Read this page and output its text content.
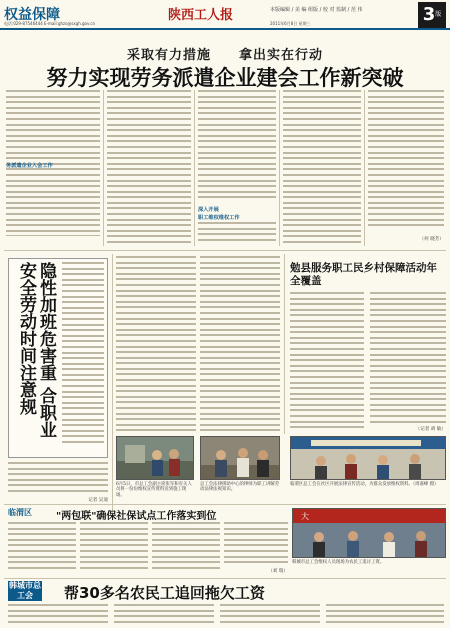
权益保障	陕西工人报	本版编辑 / 美 编 组版 / 校 对 监制 / 范 伟	$3^版$
电话:029-87546444 E-mail:ghzs@sxgh.gov.cn	2011年6月8日 星期三
采取有力措施　　拿出实在行动
努力实现劳务派遣企业建会工作新突破
务派遣企业入会工作
深入开展
职工维权维权工作
（何 晓芳）
隐性加班危害重 合职业安全劳动时间注意规
记者 吴迪
勉县服务职工民乡村保障活动年全覆盖
（记者 胡 敏）
6月5日，市总工会副主席张军和有关人员将一份份维权宣传资料送到施工现场。
总工会法律援助中心的律师为职工讲解劳动法律法规知识。
临渭区总工会在社区开展法律宣传活动，为群众发放维权资料。（周嘉峰 摄）
临渭区 "两包联"确保社保试点工作落实到位
（刘 瑞）
大
韩城市总工会维权人员现场为农民工追讨工资。
韩城市总工会	帮30多名农民工追回拖欠工资
